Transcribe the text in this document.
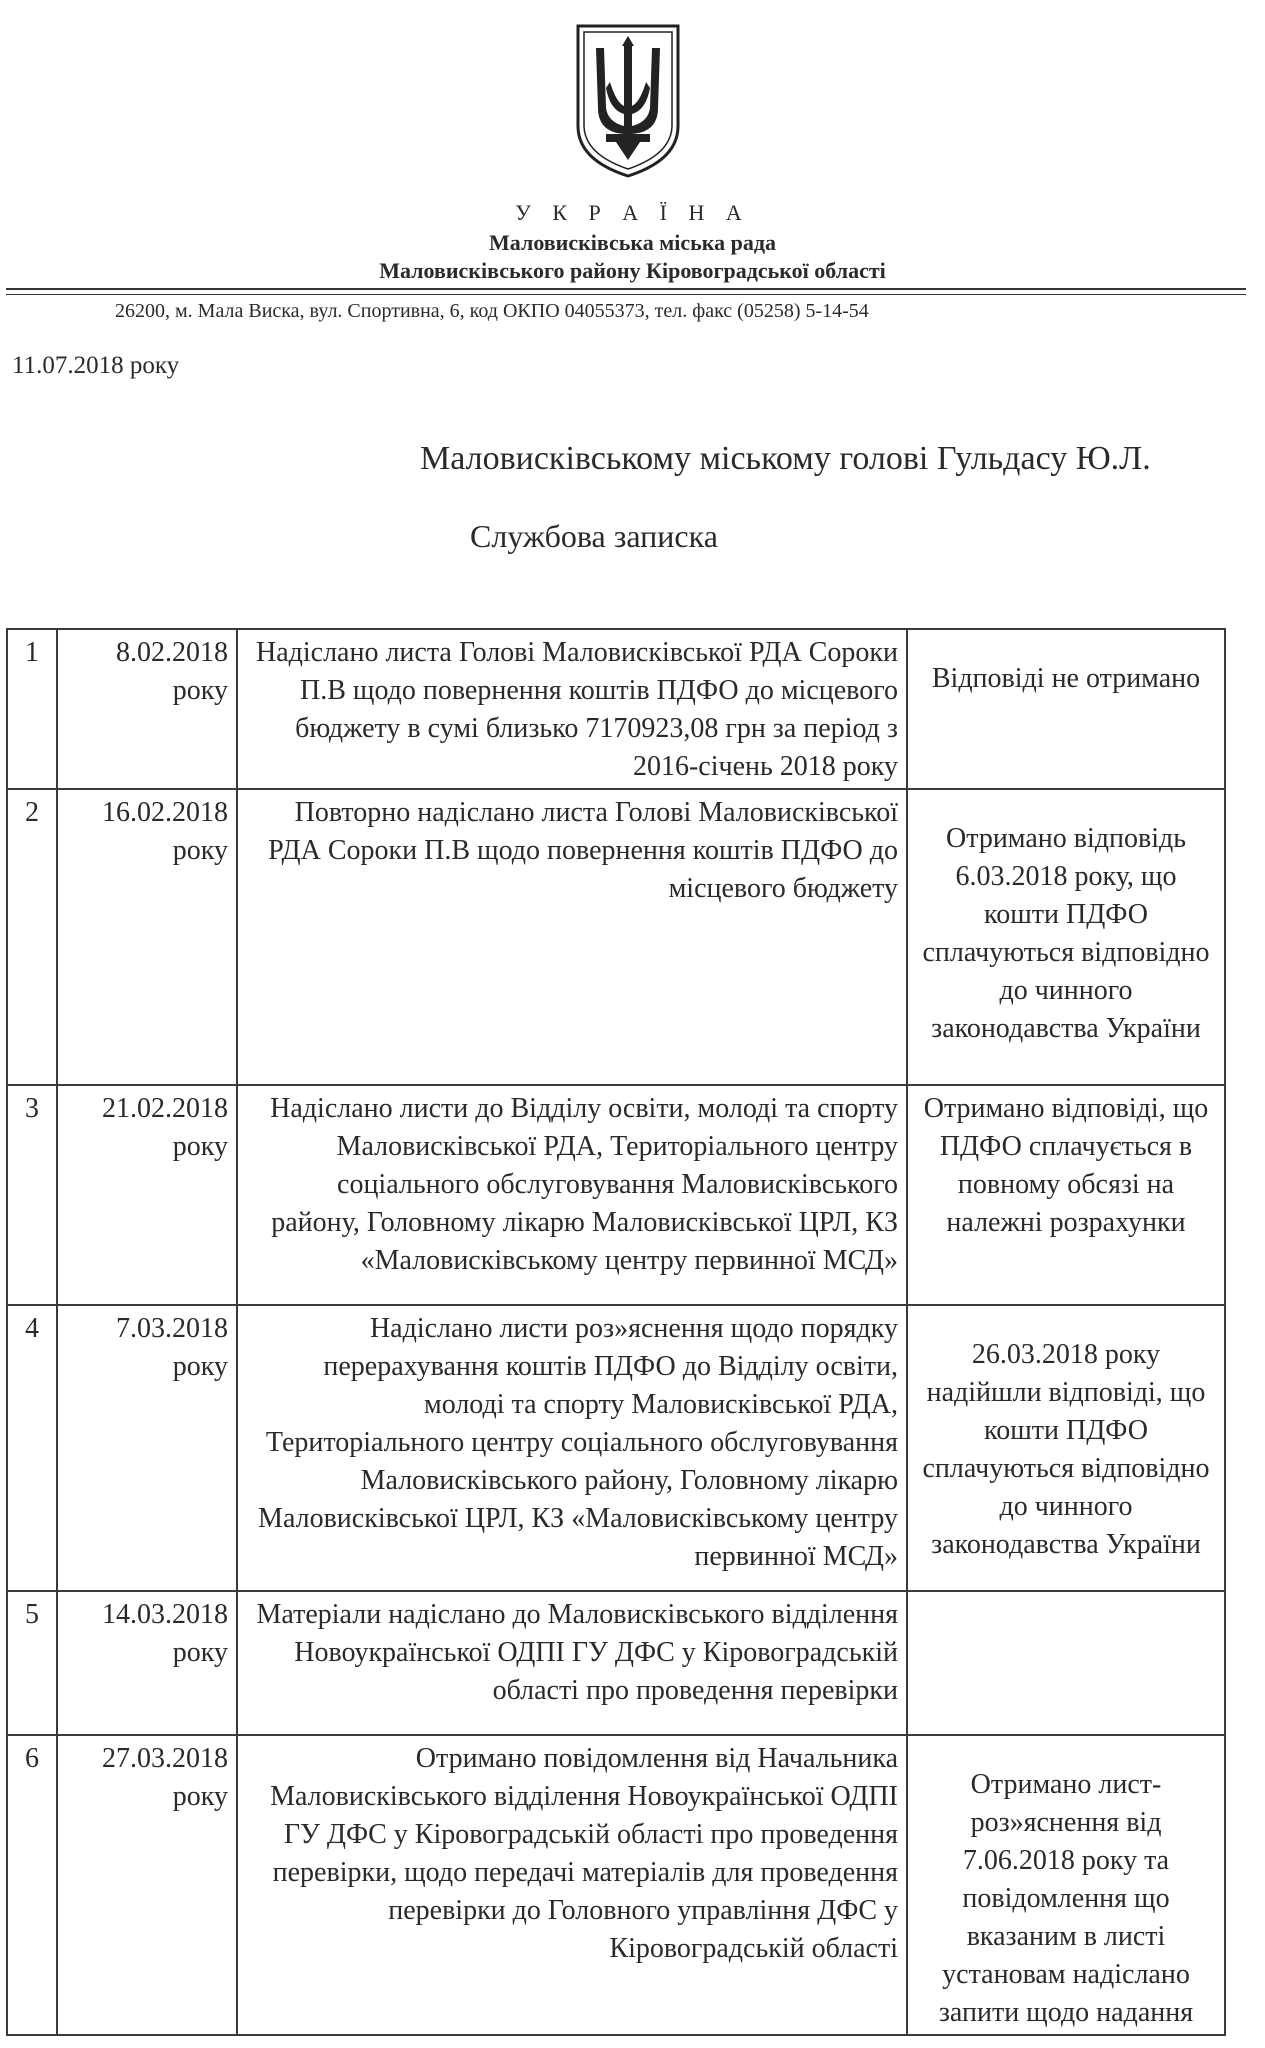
У К Р А Ї Н А
Маловисківська міська рада
Маловисківського району Кіровоградської області
26200, м. Мала Виска, вул. Спортивна, 6, код ОКПО 04055373, тел. факс (05258) 5-14-54
11.07.2018 року
Маловисківському міському голові Гульдасу Ю.Л.
Службова записка
1	8.02.2018 року	Надіслано листа Голові Маловисківської РДА Сороки П.В щодо повернення коштів ПДФО до місцевого бюджету в сумі близько 7170923,08 грн за період з 2016-січень 2018 року	Відповіді не отримано

2	16.02.2018 року	Повторно надіслано листа Голові Маловисківської РДА Сороки П.В щодо повернення коштів ПДФО до місцевого бюджету	Отримано відповідь 6.03.2018 року, що кошти ПДФО сплачуються відповідно до чинного законодавства України

3	21.02.2018 року	Надіслано листи до Відділу освіти, молоді та спорту Маловисківської РДА, Територіального центру соціального обслуговування Маловисківського району, Головному лікарю Маловисківської ЦРЛ, КЗ «Маловисківському центру первинної МСД»	Отримано відповіді, що ПДФО сплачується в повному обсязі на належні розрахунки

4	7.03.2018 року	Надіслано листи роз»яснення щодо порядку перерахування коштів ПДФО до Відділу освіти, молоді та спорту Маловисківської РДА, Територіального центру соціального обслуговування Маловисківського району, Головному лікарю Маловисківської ЦРЛ, КЗ «Маловисківському центру первинної МСД»	26.03.2018 року надійшли відповіді, що кошти ПДФО сплачуються відповідно до чинного законодавства України

5	14.03.2018 року	Матеріали надіслано до Маловисківського відділення Новоукраїнської ОДПІ ГУ ДФС у Кіровоградській області про проведення перевірки	
6	27.03.2018 року	Отримано повідомлення від Начальника Маловисківського відділення Новоукраїнської ОДПІ ГУ ДФС у Кіровоградській області про проведення перевірки, щодо передачі матеріалів для проведення перевірки до Головного управління ДФС у Кіровоградській області	Отримано лист-роз»яснення від 7.06.2018 року та повідомлення що вказаним в листі установам надіслано запити щодо надання
